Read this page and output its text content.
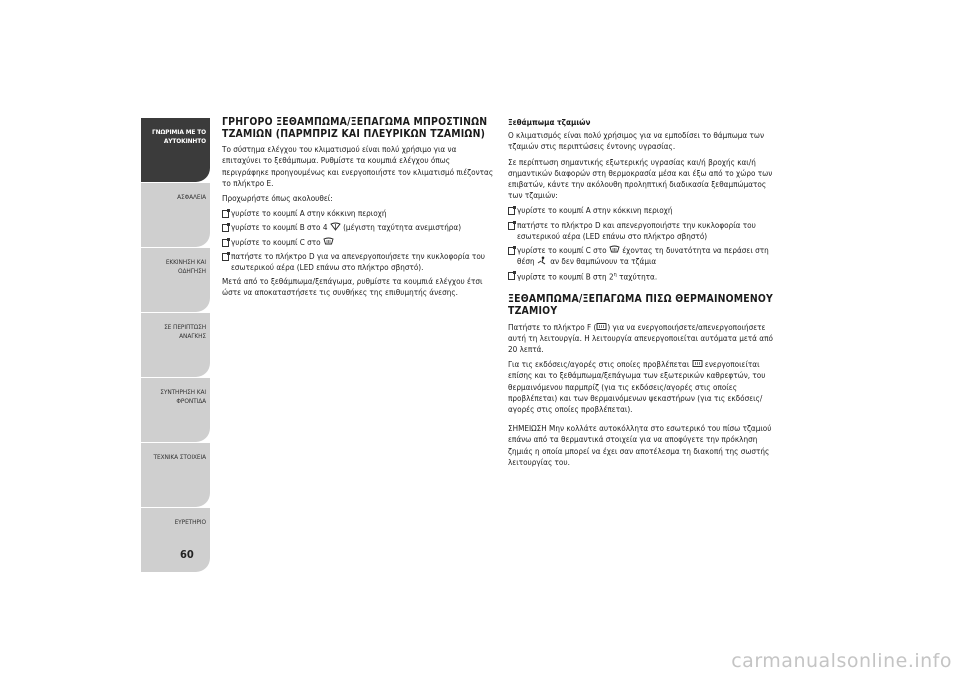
ΓΝΩΡΙΜΙΑ ΜΕ ΤΟ ΑΥΤΟΚΙΝΗΤΟ
ΑΣΦΑΛΕΙΑ
ΕΚΚΙΝΗΣΗ ΚΑΙ ΟΔΗΓΗΣΗ
ΣΕ ΠΕΡΙΠΤΩΣΗ ΑΝΑΓΚΗΣ
ΣΥΝΤΗΡΗΣΗ ΚΑΙ ΦΡΟΝΤΙΔΑ
ΤΕΧΝΙΚΑ ΣΤΟΙΧΕΙΑ
ΕΥΡΕΤΗΡΙΟ
60
ΓΡΗΓΟΡΟ ΞΕΘΑΜΠΩΜΑ/ΞΕΠΑΓΩΜΑ ΜΠΡΟΣΤΙΝΩΝ ΤΖΑΜΙΩΝ (ΠΑΡΜΠΡΙΖ ΚΑΙ ΠΛΕΥΡΙΚΩΝ ΤΖΑΜΙΩΝ)

Το σύστημα ελέγχου του κλιματισμού είναι πολύ χρήσιμο για να επιταχύνει το ξεθάμπωμα. Ρυθμίστε τα κουμπιά ελέγχου όπως περιγράφηκε προηγουμένως και ενεργοποιήστε τον κλιματισμό πιέζοντας το πλήκτρο E.

Προχωρήστε όπως ακολουθεί:

γυρίστε το κουμπί A στην κόκκινη περιοχή
γυρίστε το κουμπί B στο 4 (μέγιστη ταχύτητα ανεμιστήρα)
γυρίστε το κουμπί C στο
πατήστε το πλήκτρο D για να απενεργοποιήσετε την κυκλοφορία του εσωτερικού αέρα (LED επάνω στο πλήκτρο σβηστό).

Μετά από το ξεθάμπωμα/ξεπάγωμα, ρυθμίστε τα κουμπιά ελέγχου έτσι ώστε να αποκαταστήσετε τις συνθήκες της επιθυμητής άνεσης.

Ξεθάμπωμα τζαμιών

Ο κλιματισμός είναι πολύ χρήσιμος για να εμποδίσει το θάμπωμα των τζαμιών στις περιπτώσεις έντονης υγρασίας.

Σε περίπτωση σημαντικής εξωτερικής υγρασίας και/ή βροχής και/ή σημαντικών διαφορών στη θερμοκρασία μέσα και έξω από το χώρο των επιβατών, κάντε την ακόλουθη προληπτική διαδικασία ξεθαμπώματος των τζαμιών:

γυρίστε το κουμπί A στην κόκκινη περιοχή
πατήστε το πλήκτρο D και απενεργοποιήστε την κυκλοφορία του εσωτερικού αέρα (LED επάνω στο πλήκτρο σβηστό)
γυρίστε το κουμπί C στο έχοντας τη δυνατότητα να περάσει στη θέση αν δεν θαμπώνουν τα τζάμια
γυρίστε το κουμπί B στη $2^\eta$ ταχύτητα.
ΞΕΘΑΜΠΩΜΑ/ΞΕΠΑΓΩΜΑ ΠΙΣΩ ΘΕΡΜΑΙΝΟΜΕΝΟΥ ΤΖΑΜΙΟΥ

Πατήστε το πλήκτρο F ( ) για να ενεργοποιήσετε/απενεργοποιήσετε αυτή τη λειτουργία. Η λειτουργία απενεργοποιείται αυτόματα μετά από 20 λεπτά.

Για τις εκδόσεις/αγορές στις οποίες προβλέπεται ενεργοποιείται επίσης και το ξεθάμπωμα/ξεπάγωμα των εξωτερικών καθρεφτών, του θερμαινόμενου παρμπρίζ (για τις εκδόσεις/αγορές στις οποίες προβλέπεται) και των θερμαινόμενων ψεκαστήρων (για τις εκδόσεις/αγορές στις οποίες προβλέπεται).

ΣΗΜΕΙΩΣΗ Μην κολλάτε αυτοκόλλητα στο εσωτερικό του πίσω τζαμιού επάνω από τα θερμαντικά στοιχεία για να αποφύγετε την πρόκληση ζημιάς η οποία μπορεί να έχει σαν αποτέλεσμα τη διακοπή της σωστής λειτουργίας του.

carmanualsonline.info
